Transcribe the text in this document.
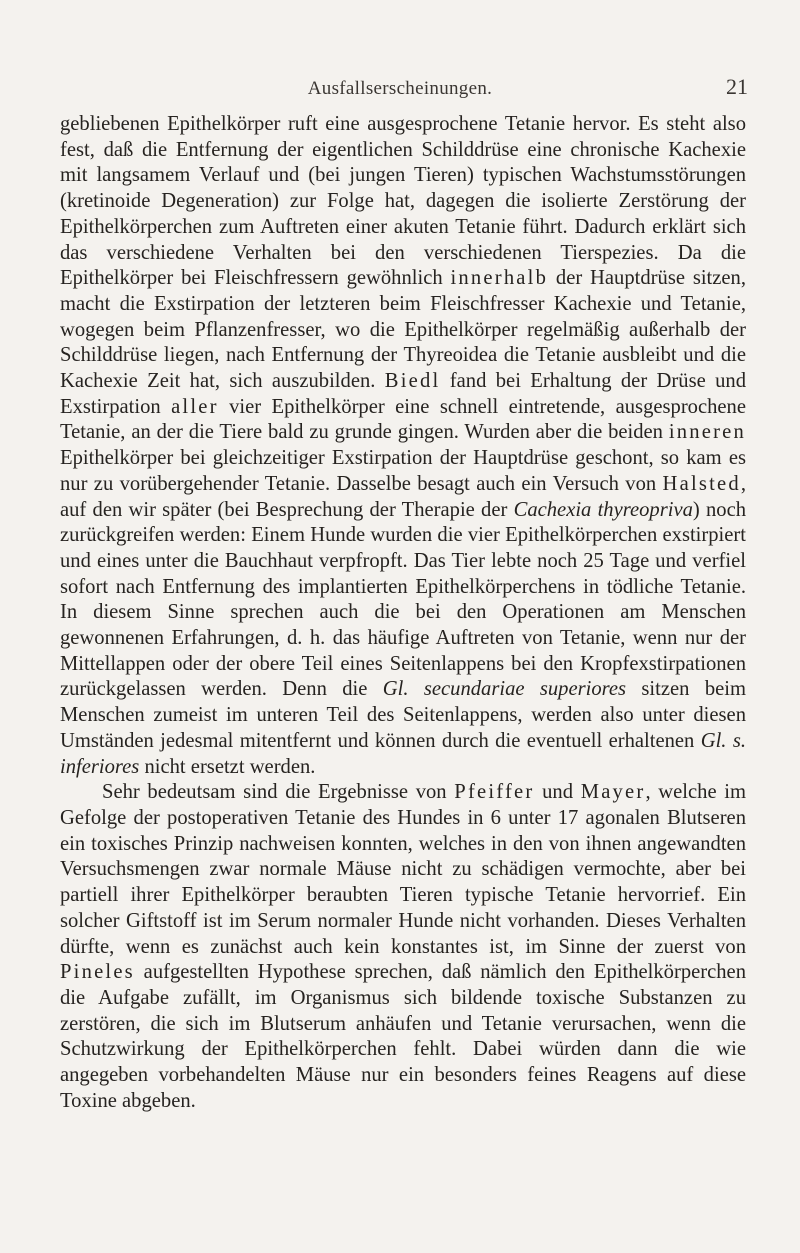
Ausfallserscheinungen.	21

gebliebenen Epithelkörper ruft eine ausgesprochene Tetanie hervor. Es steht also fest, daß die Entfernung der eigentlichen Schilddrüse eine chronische Kachexie mit langsamem Verlauf und (bei jungen Tieren) typischen Wachstumsstörungen (kretinoide Degeneration) zur Folge hat, dagegen die isolierte Zerstörung der Epithelkörperchen zum Auftreten einer akuten Tetanie führt. Dadurch erklärt sich das verschiedene Verhalten bei den verschiedenen Tierspezies. Da die Epithelkörper bei Fleischfressern gewöhnlich innerhalb der Hauptdrüse sitzen, macht die Exstirpation der letzteren beim Fleischfresser Kachexie und Tetanie, wogegen beim Pflanzenfresser, wo die Epithelkörper regelmäßig außerhalb der Schilddrüse liegen, nach Entfernung der Thyreoidea die Tetanie ausbleibt und die Kachexie Zeit hat, sich auszubilden. Biedl fand bei Erhaltung der Drüse und Exstirpation aller vier Epithelkörper eine schnell eintretende, ausgesprochene Tetanie, an der die Tiere bald zu grunde gingen. Wurden aber die beiden inneren Epithelkörper bei gleichzeitiger Exstirpation der Hauptdrüse geschont, so kam es nur zu vorübergehender Tetanie. Dasselbe besagt auch ein Versuch von Halsted, auf den wir später (bei Besprechung der Therapie der Cachexia thyreopriva) noch zurückgreifen werden: Einem Hunde wurden die vier Epithelkörperchen exstirpiert und eines unter die Bauchhaut verpfropft. Das Tier lebte noch 25 Tage und verfiel sofort nach Entfernung des implantierten Epithelkörperchens in tödliche Tetanie. In diesem Sinne sprechen auch die bei den Operationen am Menschen gewonnenen Erfahrungen, d. h. das häufige Auftreten von Tetanie, wenn nur der Mittellappen oder der obere Teil eines Seitenlappens bei den Kropfexstirpationen zurückgelassen werden. Denn die Gl. secundariae superiores sitzen beim Menschen zumeist im unteren Teil des Seitenlappens, werden also unter diesen Umständen jedesmal mitentfernt und können durch die eventuell erhaltenen Gl. s. inferiores nicht ersetzt werden.

Sehr bedeutsam sind die Ergebnisse von Pfeiffer und Mayer, welche im Gefolge der postoperativen Tetanie des Hundes in 6 unter 17 agonalen Blutseren ein toxisches Prinzip nachweisen konnten, welches in den von ihnen angewandten Versuchsmengen zwar normale Mäuse nicht zu schädigen vermochte, aber bei partiell ihrer Epithelkörper beraubten Tieren typische Tetanie hervorrief. Ein solcher Giftstoff ist im Serum normaler Hunde nicht vorhanden. Dieses Verhalten dürfte, wenn es zunächst auch kein konstantes ist, im Sinne der zuerst von Pineles aufgestellten Hypothese sprechen, daß nämlich den Epithelkörperchen die Aufgabe zufällt, im Organismus sich bildende toxische Substanzen zu zerstören, die sich im Blutserum anhäufen und Tetanie verursachen, wenn die Schutzwirkung der Epithelkörperchen fehlt. Dabei würden dann die wie angegeben vorbehandelten Mäuse nur ein besonders feines Reagens auf diese Toxine abgeben.
